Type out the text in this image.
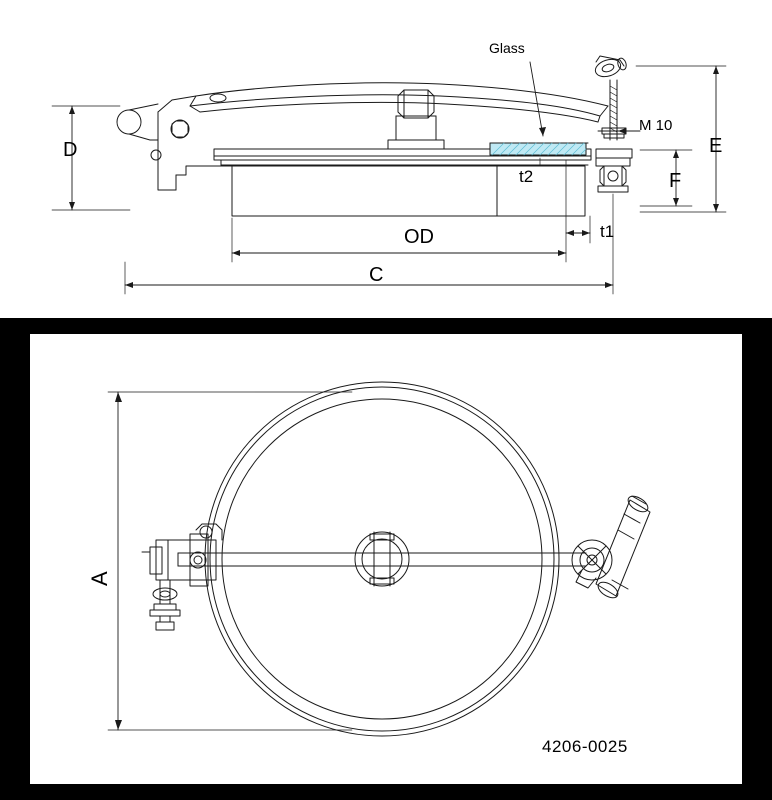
Glass
M 10
D	E
F
t2
OD
C
t1
A
4206-0025
